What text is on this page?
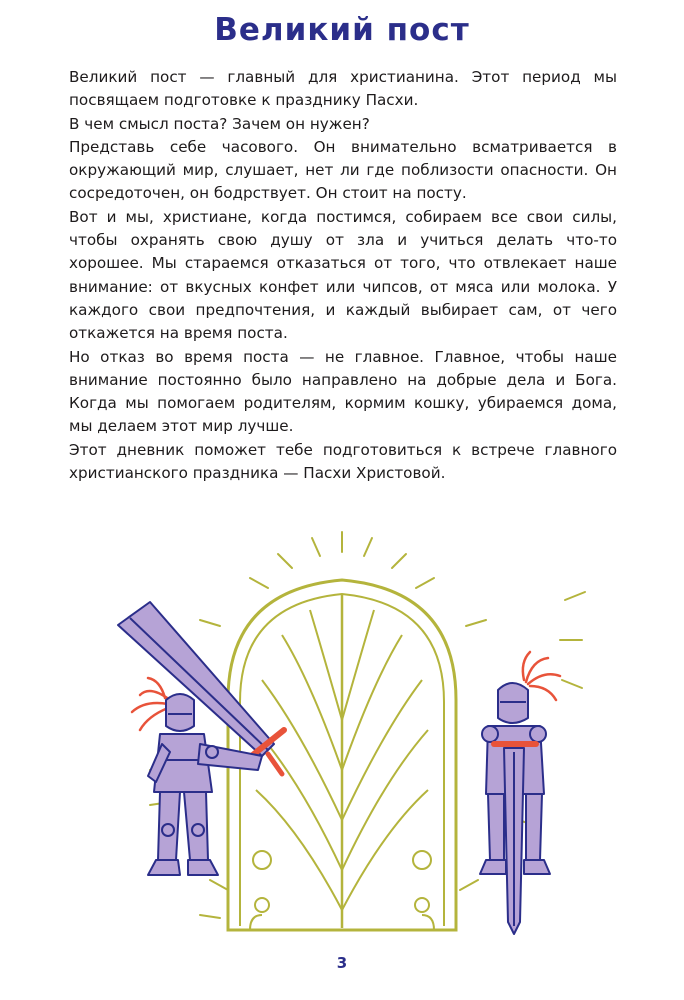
Великий пост

Великий пост — главный для христианина. Этот период мы посвящаем подготовке к празднику Пасхи.

В чем смысл поста? Зачем он нужен?

Представь себе часового. Он внимательно всматривается в окружающий мир, слушает, нет ли где поблизости опасности. Он сосредоточен, он бодрствует. Он стоит на посту.

Вот и мы, христиане, когда постимся, собираем все свои силы, чтобы охранять свою душу от зла и учиться делать что-то хорошее. Мы стараемся отказаться от того, что отвлекает наше внимание: от вкусных конфет или чипсов, от мяса или молока. У каждого свои предпочтения, и каждый выбирает сам, от чего откажется на время поста.

Но отказ во время поста — не главное. Главное, чтобы наше внимание постоянно было направлено на добрые дела и Бога. Когда мы помогаем родителям, кормим кошку, убираемся дома, мы делаем этот мир лучше.

Этот дневник поможет тебе подготовиться к встрече главного христианского праздника — Пасхи Христовой.

3
